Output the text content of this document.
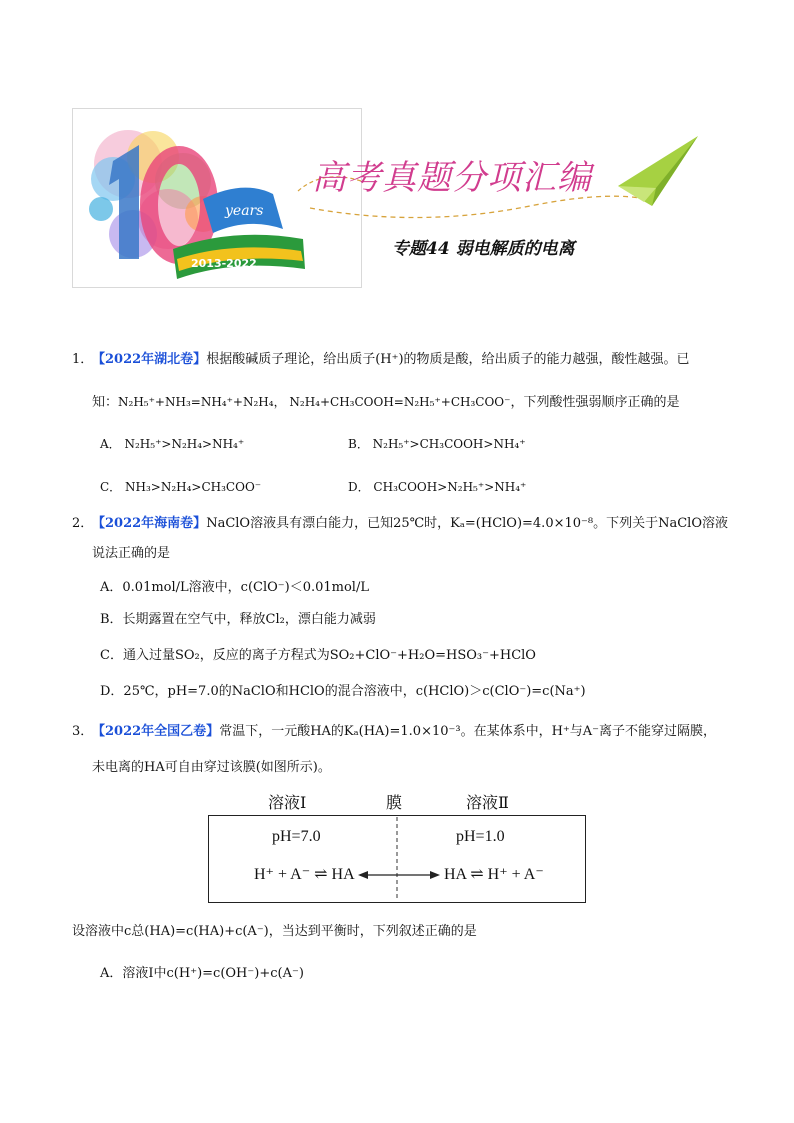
years
2013-2022
高考真题分项汇编
专题44 弱电解质的电离
1．
【2022年湖北卷】根据酸碱质子理论，给出质子(H⁺)的物质是酸，给出质子的能力越强，酸性越强。已
知：N₂H₅⁺+NH₃=NH₄⁺+N₂H₄， N₂H₄+CH₃COOH=N₂H₅⁺+CH₃COO⁻，下列酸性强弱顺序正确的是
A． N₂H₅⁺>N₂H₄>NH₄⁺	B． N₂H₅⁺>CH₃COOH>NH₄⁺
C． NH₃>N₂H₄>CH₃COO⁻	D． CH₃COOH>N₂H₅⁺>NH₄⁺
2．
【2022年海南卷】NaClO溶液具有漂白能力，已知25℃时，Kₐ=(HClO)=4.0×10⁻⁸。下列关于NaClO溶液
说法正确的是
A．0.01mol/L溶液中，c(ClO⁻)＜0.01mol/L
B．长期露置在空气中，释放Cl₂，漂白能力减弱
C．通入过量SO₂，反应的离子方程式为SO₂+ClO⁻+H₂O=HSO₃⁻+HClO
D．25℃，pH=7.0的NaClO和HClO的混合溶液中，c(HClO)＞c(ClO⁻)=c(Na⁺)
3．
【2022年全国乙卷】常温下，一元酸HA的Kₐ(HA)=1.0×10⁻³。在某体系中，H⁺与A⁻离子不能穿过隔膜，
未电离的HA可自由穿过该膜(如图所示)。
溶液Ⅰ	膜	溶液Ⅱ
pH=7.0	pH=1.0
H⁺ + A⁻ ⇌ HA	HA ⇌ H⁺ + A⁻
设溶液中c总(HA)=c(HA)+c(A⁻)，当达到平衡时，下列叙述正确的是
A．溶液Ⅰ中c(H⁺)=c(OH⁻)+c(A⁻)
